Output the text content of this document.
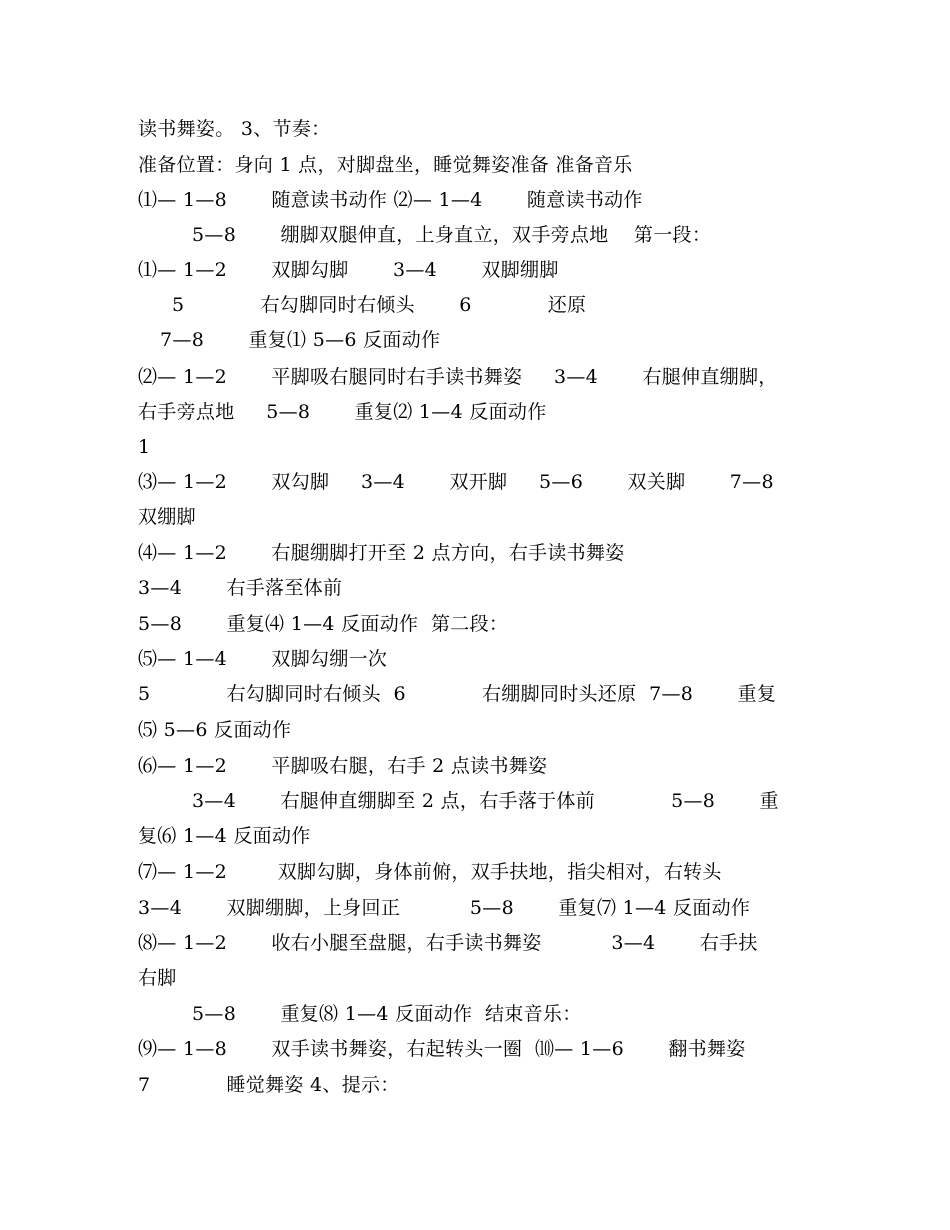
读书舞姿。 3、节奏：
准备位置：身向 1 点，对脚盘坐，睡觉舞姿准备 准备音乐
⑴— 1—8       随意读书动作 ⑵— 1—4       随意读书动作
5—8       绷脚双腿伸直，上身直立，双手旁点地    第一段：
⑴— 1—2       双脚勾脚       3—4       双脚绷脚
5            右勾脚同时右倾头       6            还原
7—8       重复⑴ 5—6 反面动作
⑵— 1—2       平脚吸右腿同时右手读书舞姿     3—4       右腿伸直绷脚，
右手旁点地     5—8       重复⑵ 1—4 反面动作
1
⑶— 1—2       双勾脚     3—4       双开脚     5—6       双关脚       7—8
双绷脚
⑷— 1—2       右腿绷脚打开至 2 点方向，右手读书舞姿
3—4       右手落至体前
5—8       重复⑷ 1—4 反面动作  第二段：
⑸— 1—4       双脚勾绷一次
5            右勾脚同时右倾头  6            右绷脚同时头还原  7—8       重复
⑸ 5—6 反面动作
⑹— 1—2       平脚吸右腿，右手 2 点读书舞姿
3—4       右腿伸直绷脚至 2 点，右手落于体前            5—8       重
复⑹ 1—4 反面动作
⑺— 1—2        双脚勾脚，身体前俯，双手扶地，指尖相对，右转头
3—4       双脚绷脚，上身回正           5—8       重复⑺ 1—4 反面动作
⑻— 1—2       收右小腿至盘腿，右手读书舞姿           3—4       右手扶
右脚
5—8       重复⑻ 1—4 反面动作  结束音乐：
⑼— 1—8       双手读书舞姿，右起转头一圈  ⑽— 1—6       翻书舞姿
7            睡觉舞姿 4、提示：
